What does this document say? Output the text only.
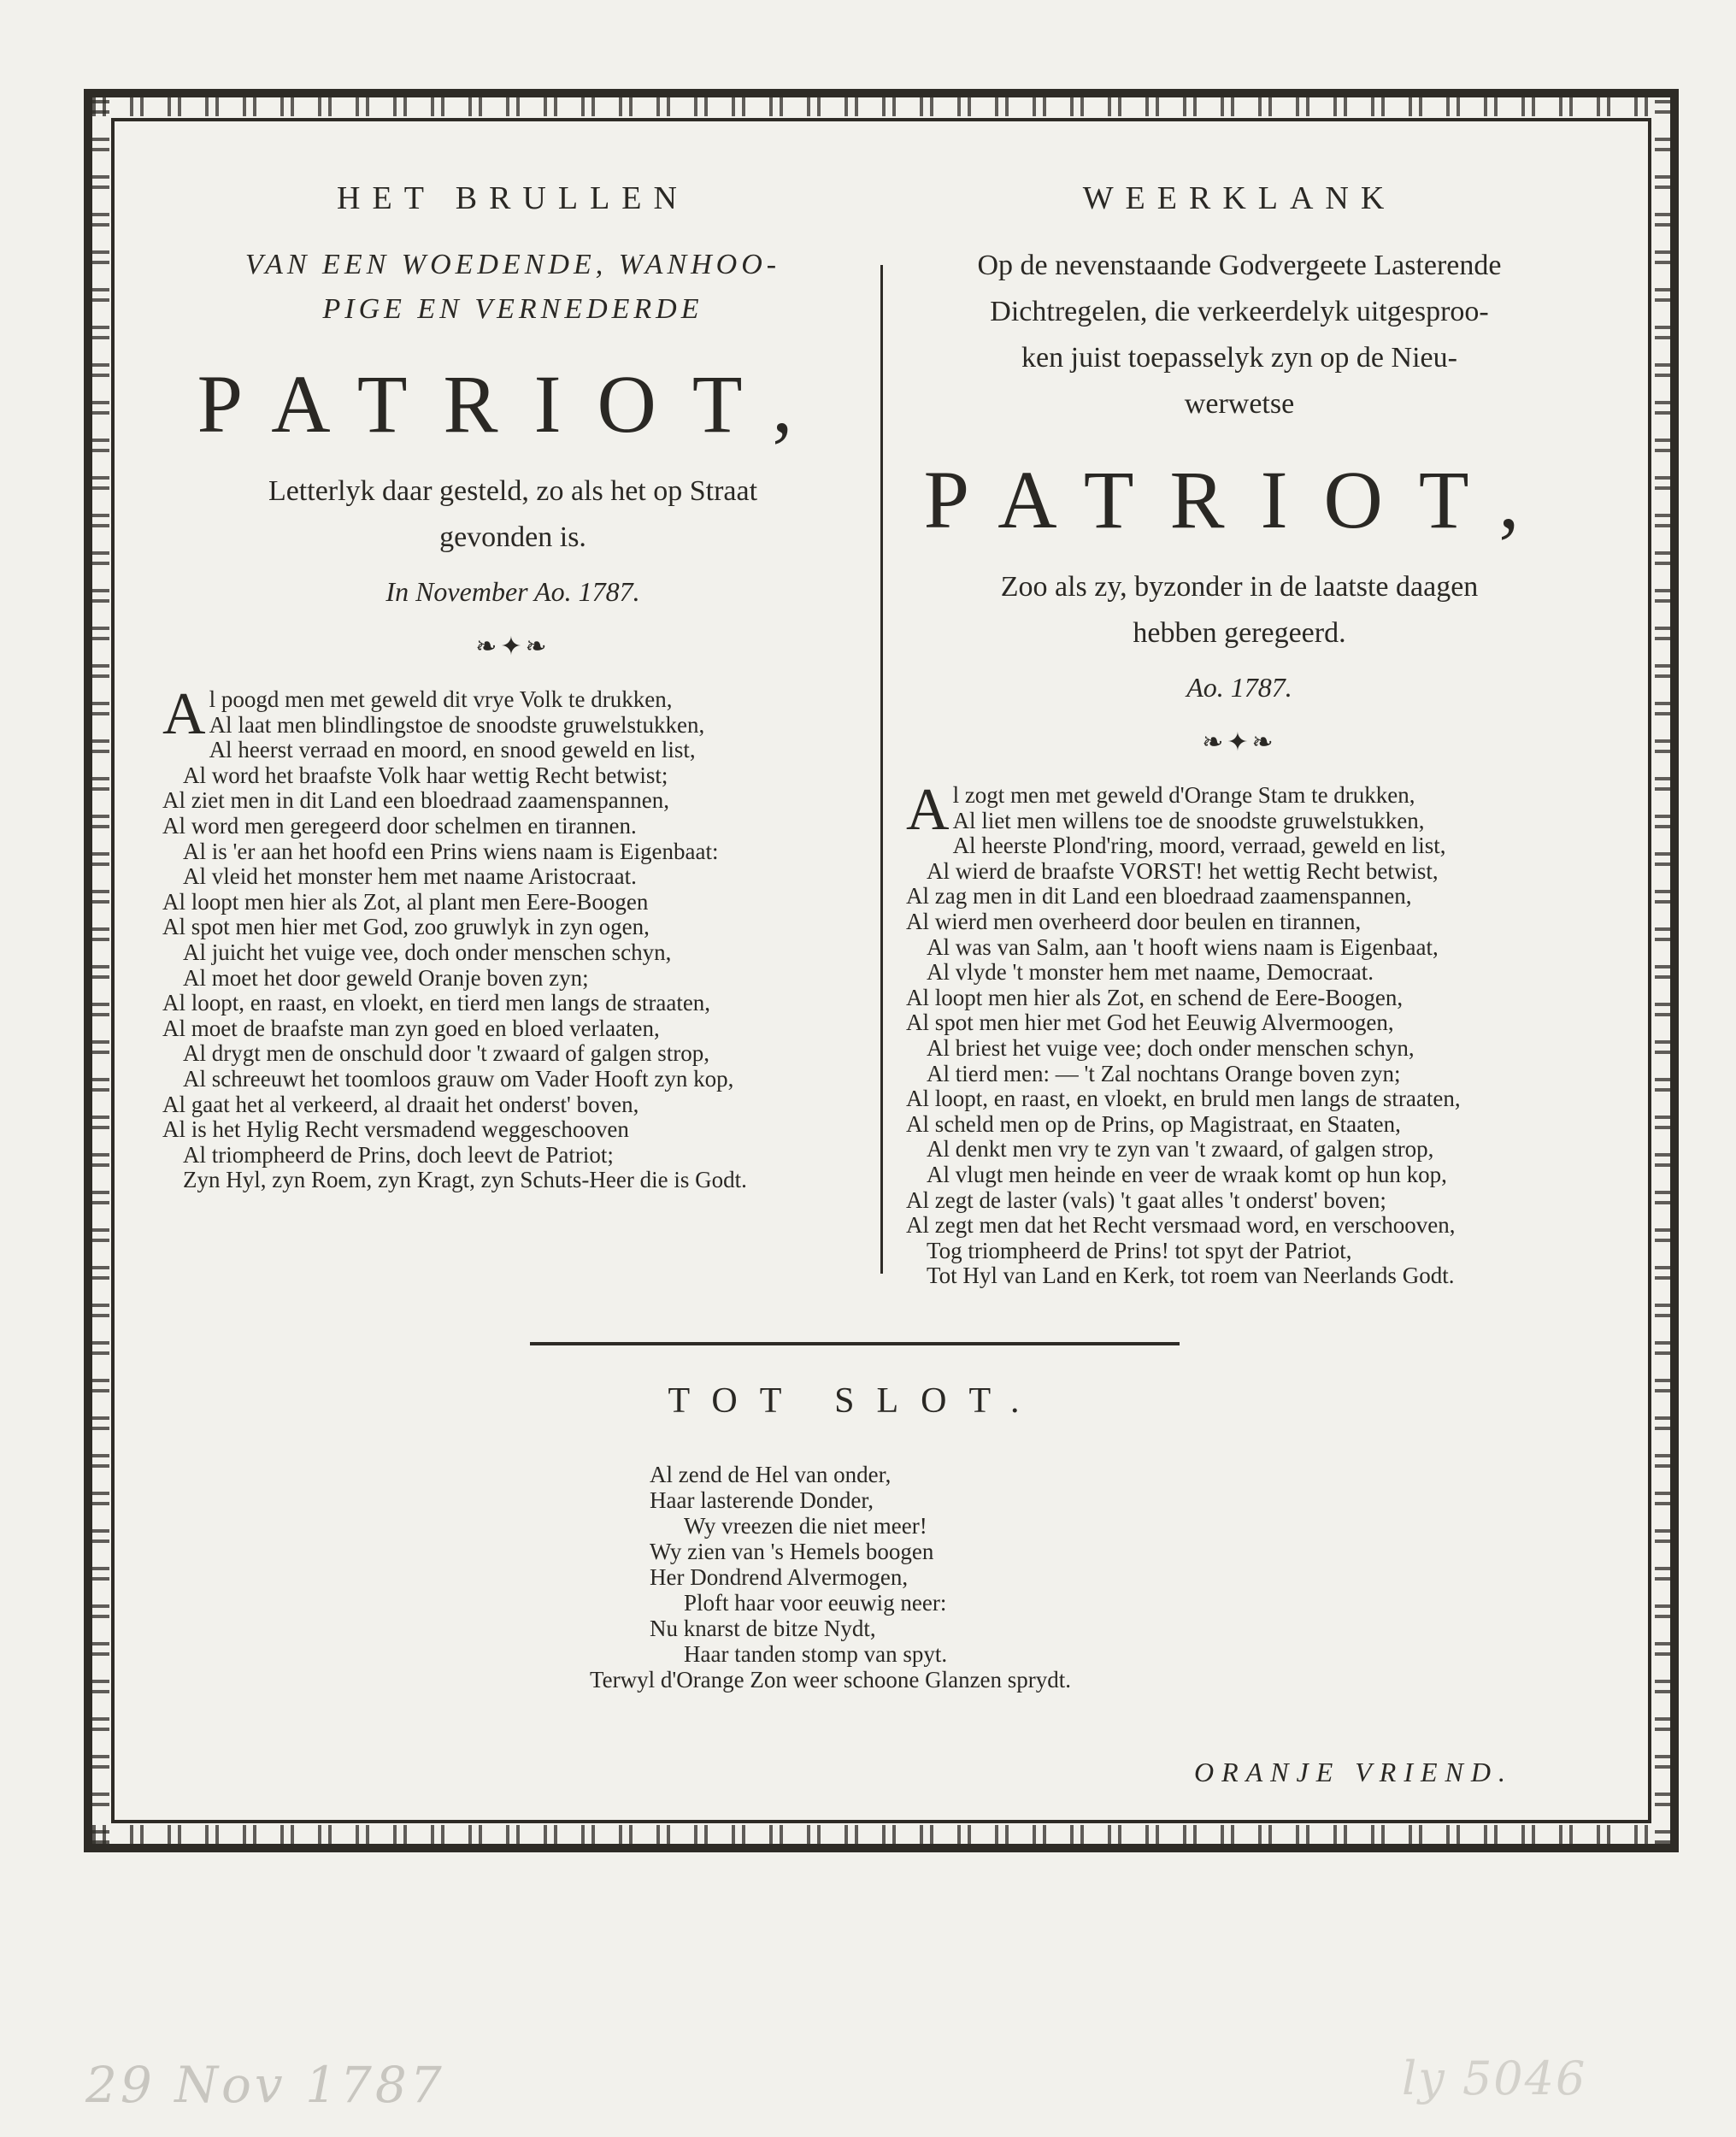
HET BRULLEN
VAN EEN WOEDENDE, WANHOO-
PIGE EN VERNEDERDE
PATRIOT,
Letterlyk daar gesteld, zo als het op Straat
gevonden is.
In November Ao. 1787.
❧✦❧
A l poogd men met geweld dit vrye Volk te drukken,
Al laat men blindlingstoe de snoodste gruwelstukken,
Al heerst verraad en moord, en snood geweld en list,
Al word het braafste Volk haar wettig Recht betwist;
Al ziet men in dit Land een bloedraad zaamenspannen,
Al word men geregeerd door schelmen en tirannen.
Al is 'er aan het hoofd een Prins wiens naam is Eigenbaat:
Al vleid het monster hem met naame Aristocraat.
Al loopt men hier als Zot, al plant men Eere-Boogen
Al spot men hier met God, zoo gruwlyk in zyn ogen,
Al juicht het vuige vee, doch onder menschen schyn,
Al moet het door geweld Oranje boven zyn;
Al loopt, en raast, en vloekt, en tierd men langs de straaten,
Al moet de braafste man zyn goed en bloed verlaaten,
Al drygt men de onschuld door 't zwaard of galgen strop,
Al schreeuwt het toomloos grauw om Vader Hooft zyn kop,
Al gaat het al verkeerd, al draait het onderst' boven,
Al is het Hylig Recht versmadend weggeschooven
Al triompheerd de Prins, doch leevt de Patriot;
Zyn Hyl, zyn Roem, zyn Kragt, zyn Schuts-Heer die is Godt.
WEERKLANK
Op de nevenstaande Godvergeete Lasterende
Dichtregelen, die verkeerdelyk uitgesproo-
ken juist toepasselyk zyn op de Nieu-
werwetse
PATRIOT,
Zoo als zy, byzonder in de laatste daagen
hebben geregeerd.
Ao. 1787.
❧✦❧
A l zogt men met geweld d'Orange Stam te drukken,
Al liet men willens toe de snoodste gruwelstukken,
Al heerste Plond'ring, moord, verraad, geweld en list,
Al wierd de braafste VORST! het wettig Recht betwist,
Al zag men in dit Land een bloedraad zaamenspannen,
Al wierd men overheerd door beulen en tirannen,
Al was van Salm, aan 't hooft wiens naam is Eigenbaat,
Al vlyde 't monster hem met naame, Democraat.
Al loopt men hier als Zot, en schend de Eere-Boogen,
Al spot men hier met God het Eeuwig Alvermoogen,
Al briest het vuige vee; doch onder menschen schyn,
Al tierd men: — 't Zal nochtans Orange boven zyn;
Al loopt, en raast, en vloekt, en bruld men langs de straaten,
Al scheld men op de Prins, op Magistraat, en Staaten,
Al denkt men vry te zyn van 't zwaard, of galgen strop,
Al vlugt men heinde en veer de wraak komt op hun kop,
Al zegt de laster (vals) 't gaat alles 't onderst' boven;
Al zegt men dat het Recht versmaad word, en verschooven,
Tog triompheerd de Prins! tot spyt der Patriot,
Tot Hyl van Land en Kerk, tot roem van Neerlands Godt.
TOT SLOT.
Al zend de Hel van onder,
Haar lasterende Donder,
Wy vreezen die niet meer!
Wy zien van 's Hemels boogen
Her Dondrend Alvermogen,
Ploft haar voor eeuwig neer:
Nu knarst de bitze Nydt,
Haar tanden stomp van spyt.
Terwyl d'Orange Zon weer schoone Glanzen sprydt.
ORANJE VRIEND.
29 Nov 1787	ly 5046
